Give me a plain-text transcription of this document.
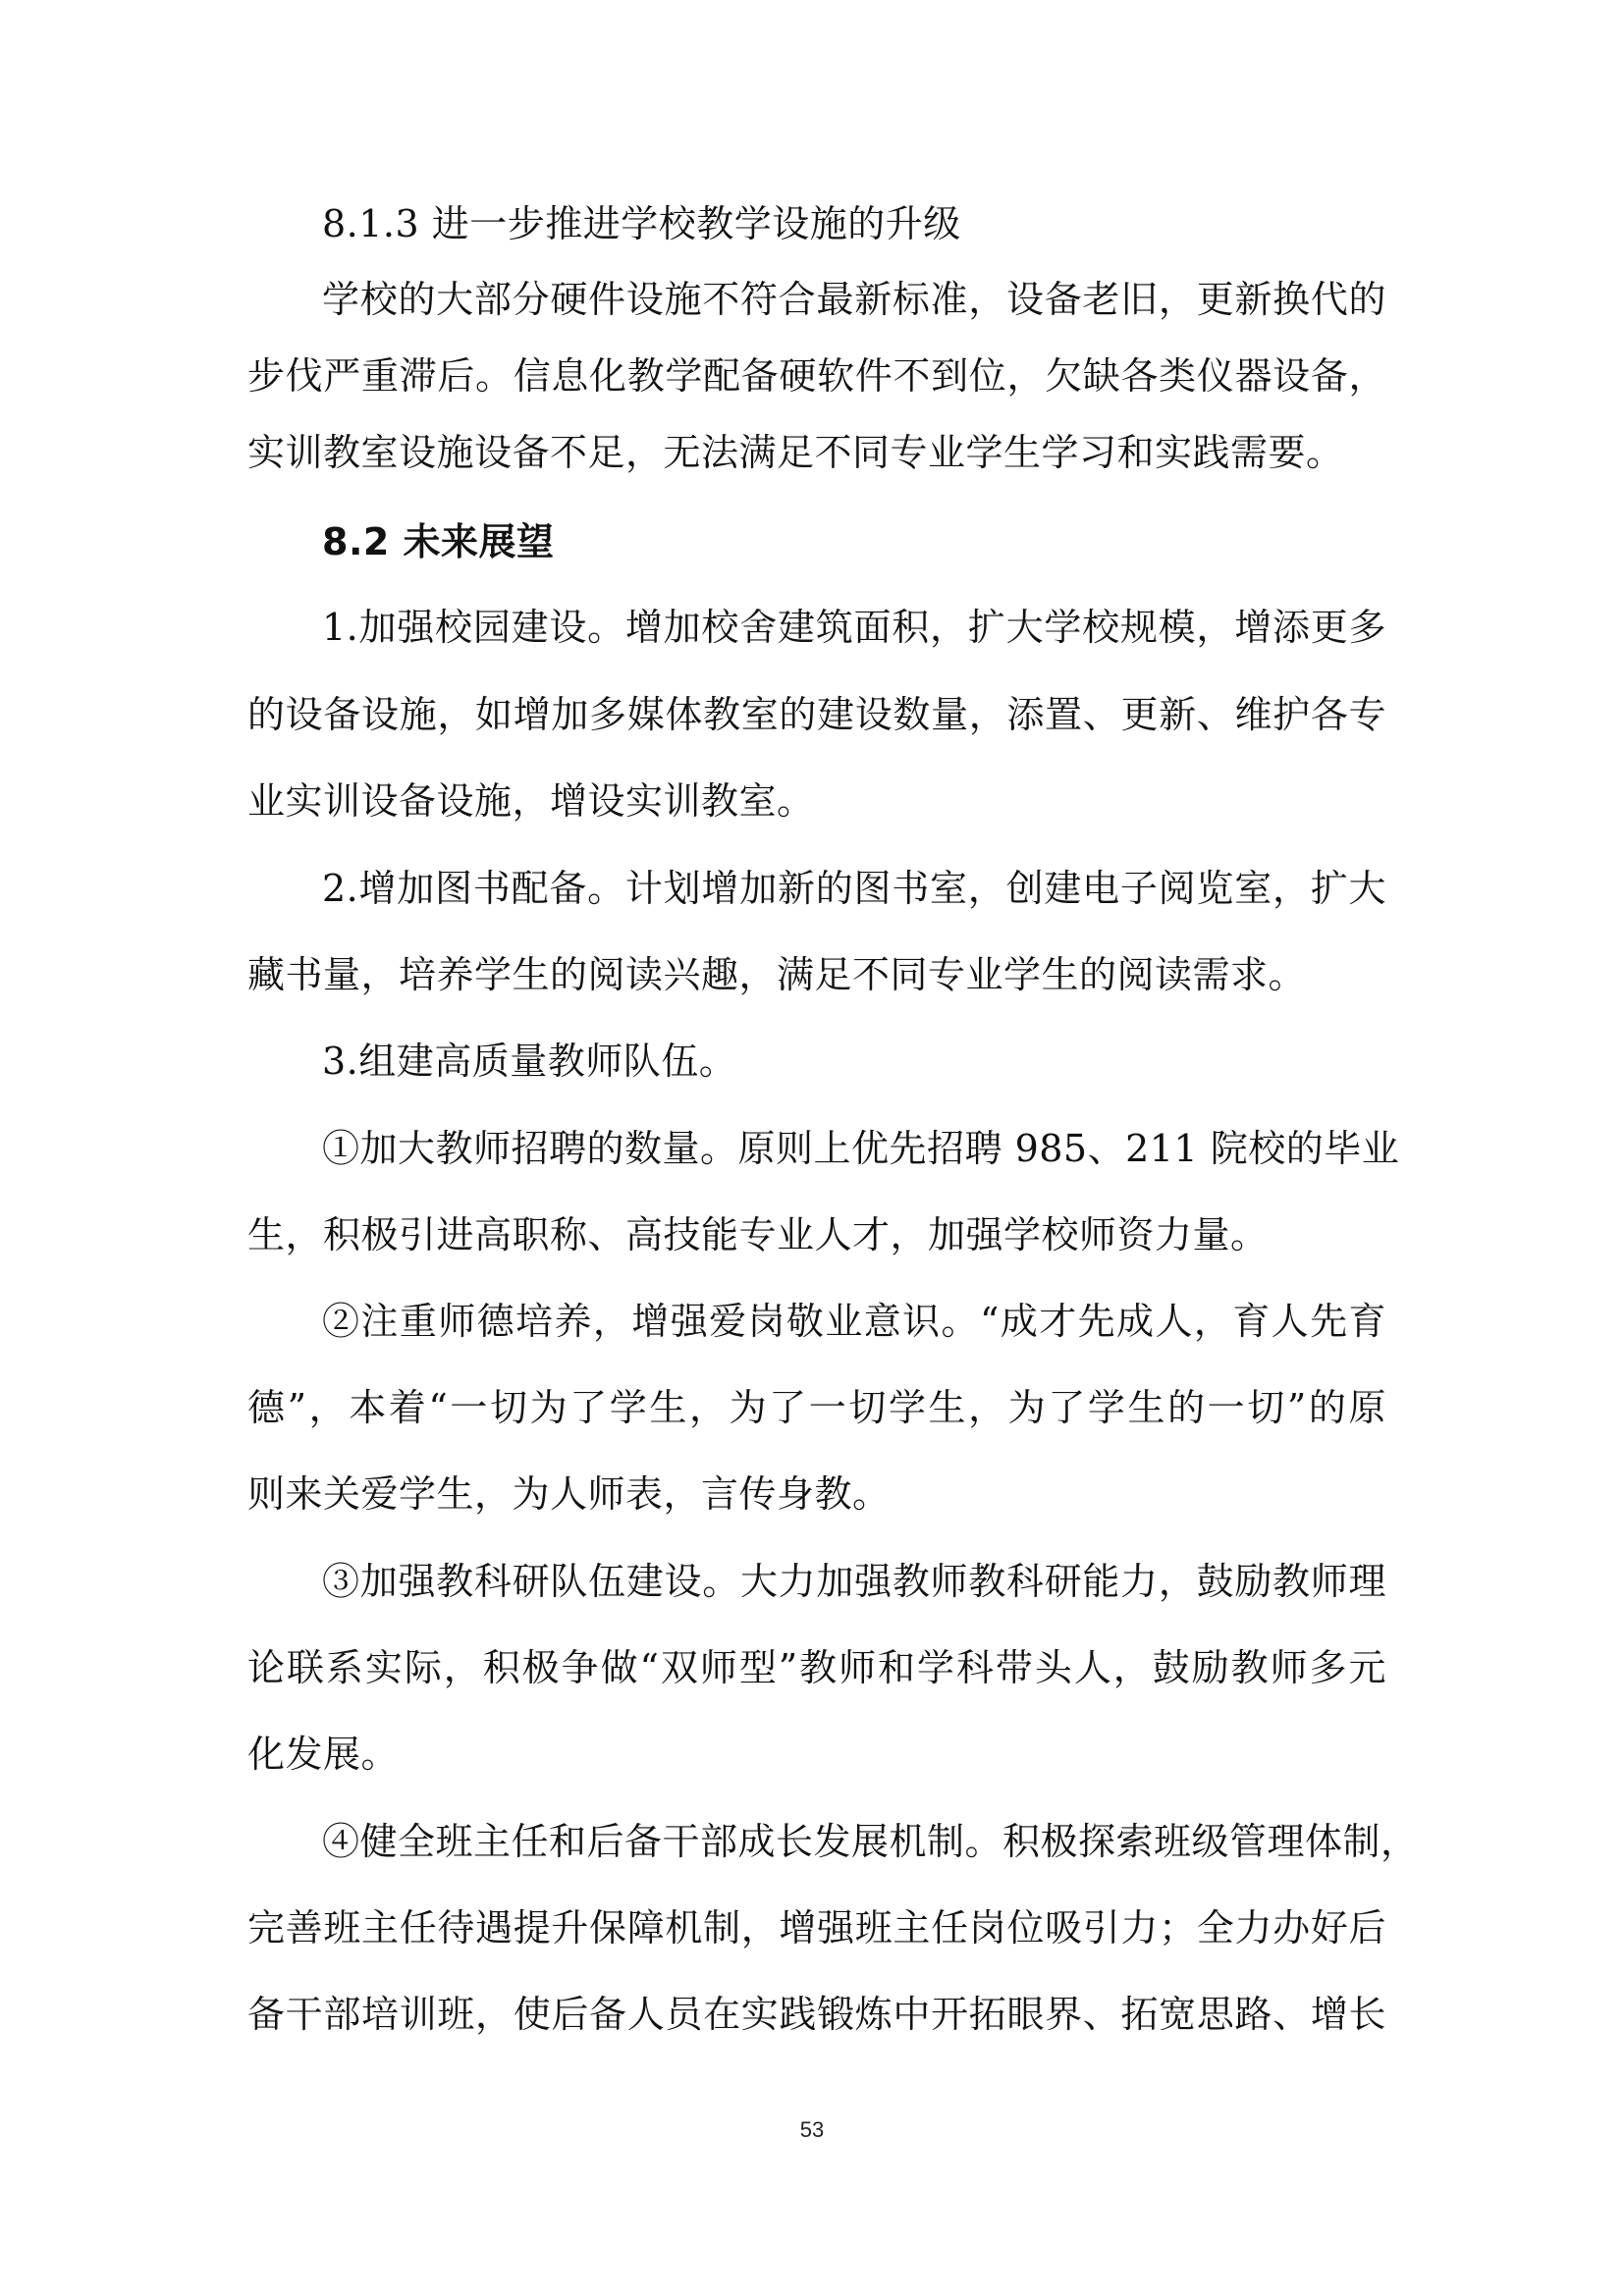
8.1.3 进一步推进学校教学设施的升级
学校的大部分硬件设施不符合最新标准，设备老旧，更新换代的
步伐严重滞后。信息化教学配备硬软件不到位，欠缺各类仪器设备，
实训教室设施设备不足，无法满足不同专业学生学习和实践需要。
8.2 未来展望
1.加强校园建设。增加校舍建筑面积，扩大学校规模，增添更多
的设备设施，如增加多媒体教室的建设数量，添置、更新、维护各专
业实训设备设施，增设实训教室。
2.增加图书配备。计划增加新的图书室，创建电子阅览室，扩大
藏书量，培养学生的阅读兴趣，满足不同专业学生的阅读需求。
3.组建高质量教师队伍。
①加大教师招聘的数量。原则上优先招聘 985、211 院校的毕业
生，积极引进高职称、高技能专业人才，加强学校师资力量。
②注重师德培养，增强爱岗敬业意识。“成才先成人，育人先育
德”，本着“一切为了学生，为了一切学生，为了学生的一切”的原
则来关爱学生，为人师表，言传身教。
③加强教科研队伍建设。大力加强教师教科研能力，鼓励教师理
论联系实际，积极争做“双师型”教师和学科带头人，鼓励教师多元
化发展。
④健全班主任和后备干部成长发展机制。积极探索班级管理体制，
完善班主任待遇提升保障机制，增强班主任岗位吸引力；全力办好后
备干部培训班，使后备人员在实践锻炼中开拓眼界、拓宽思路、增长
53
